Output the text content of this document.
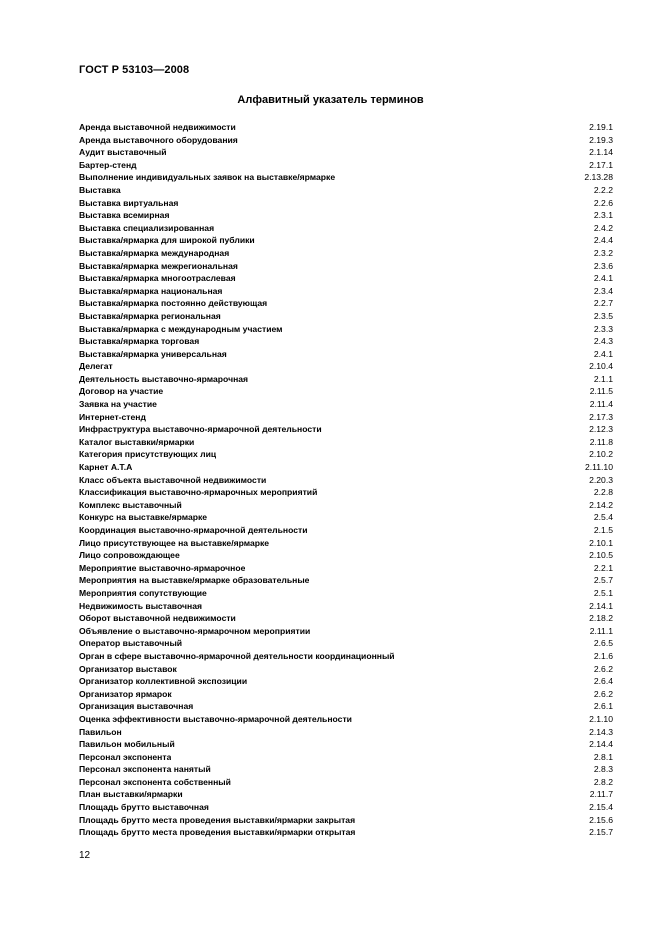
ГОСТ Р 53103—2008
Алфавитный указатель терминов
Аренда выставочной недвижимости	2.19.1
Аренда выставочного оборудования	2.19.3
Аудит выставочный	2.1.14
Бартер-стенд	2.17.1
Выполнение индивидуальных заявок на выставке/ярмарке	2.13.28
Выставка	2.2.2
Выставка виртуальная	2.2.6
Выставка всемирная	2.3.1
Выставка специализированная	2.4.2
Выставка/ярмарка для широкой публики	2.4.4
Выставка/ярмарка международная	2.3.2
Выставка/ярмарка межрегиональная	2.3.6
Выставка/ярмарка многоотраслевая	2.4.1
Выставка/ярмарка национальная	2.3.4
Выставка/ярмарка постоянно действующая	2.2.7
Выставка/ярмарка региональная	2.3.5
Выставка/ярмарка с международным участием	2.3.3
Выставка/ярмарка торговая	2.4.3
Выставка/ярмарка универсальная	2.4.1
Делегат	2.10.4
Деятельность выставочно-ярмарочная	2.1.1
Договор на участие	2.11.5
Заявка на участие	2.11.4
Интернет-стенд	2.17.3
Инфраструктура выставочно-ярмарочной деятельности	2.12.3
Каталог выставки/ярмарки	2.11.8
Категория присутствующих лиц	2.10.2
Карнет А.Т.А	2.11.10
Класс объекта выставочной недвижимости	2.20.3
Классификация выставочно-ярмарочных мероприятий	2.2.8
Комплекс выставочный	2.14.2
Конкурс на выставке/ярмарке	2.5.4
Координация выставочно-ярмарочной деятельности	2.1.5
Лицо присутствующее на выставке/ярмарке	2.10.1
Лицо сопровождающее	2.10.5
Мероприятие выставочно-ярмарочное	2.2.1
Мероприятия на выставке/ярмарке образовательные	2.5.7
Мероприятия сопутствующие	2.5.1
Недвижимость выставочная	2.14.1
Оборот выставочной недвижимости	2.18.2
Объявление о выставочно-ярмарочном мероприятии	2.11.1
Оператор выставочный	2.6.5
Орган в сфере выставочно-ярмарочной деятельности координационный	2.1.6
Организатор выставок	2.6.2
Организатор коллективной экспозиции	2.6.4
Организатор ярмарок	2.6.2
Организация выставочная	2.6.1
Оценка эффективности выставочно-ярмарочной деятельности	2.1.10
Павильон	2.14.3
Павильон мобильный	2.14.4
Персонал экспонента	2.8.1
Персонал экспонента нанятый	2.8.3
Персонал экспонента собственный	2.8.2
План выставки/ярмарки	2.11.7
Площадь брутто выставочная	2.15.4
Площадь брутто места проведения выставки/ярмарки закрытая	2.15.6
Площадь брутто места проведения выставки/ярмарки открытая	2.15.7
12
